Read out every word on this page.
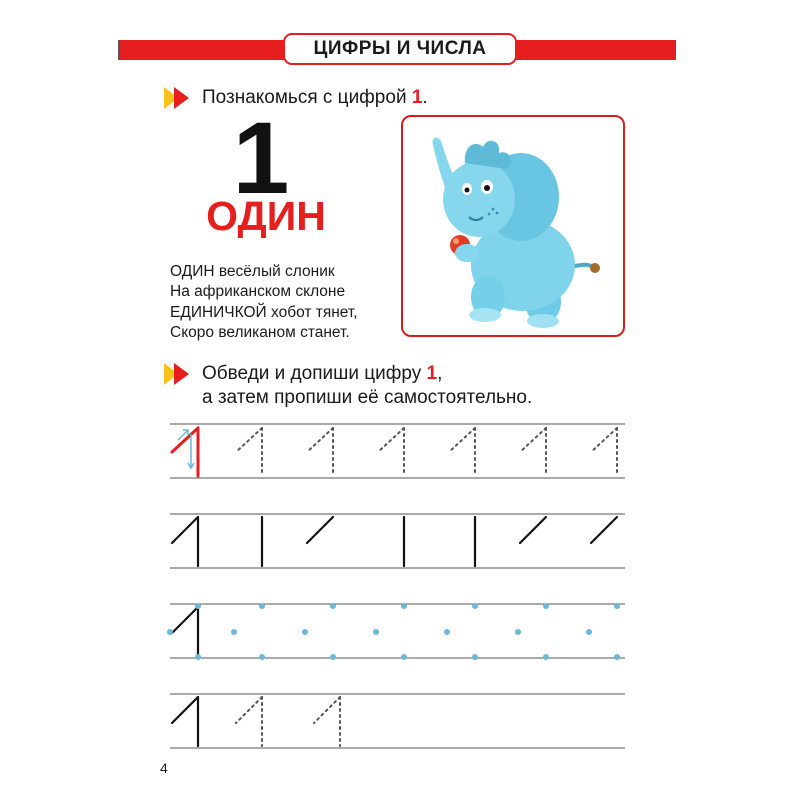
ЦИФРЫ И ЧИСЛА
Познакомься с цифрой 1.
1
ОДИН
ОДИН весёлый слоник
На африканском склоне
ЕДИНИЧКОЙ хобот тянет,
Скоро великаном станет.
Обведи и допиши цифру 1,
а затем пропиши её самостоятельно.
4
